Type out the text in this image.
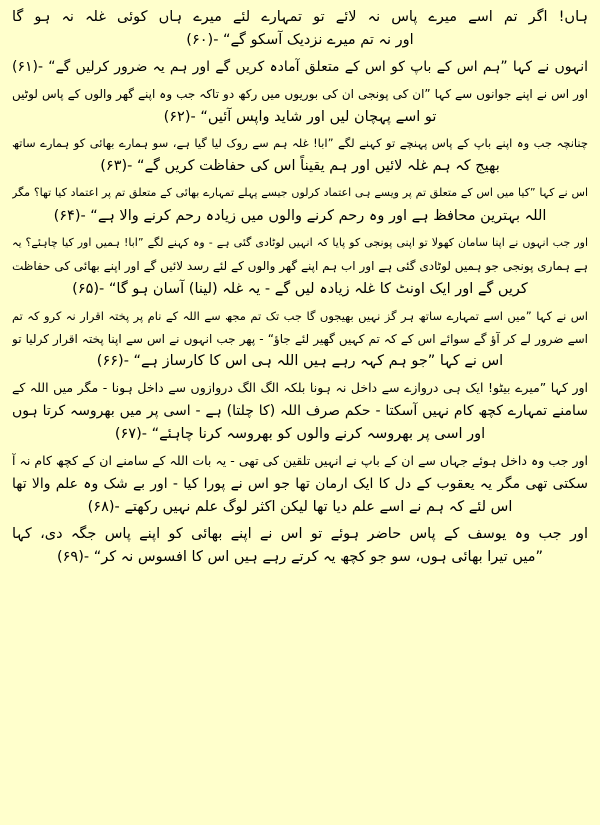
ہاں! اگر تم اسے میرے پاس نہ لائے تو تمہارے لئے میرے ہاں کوئی غلہ نہ ہو گا
اور نہ تم میرے نزدیک آسکو گے“ -(۶۰)
انہوں نے کہا ”ہم اس کے باپ کو اس کے متعلق آمادہ کریں گے اور ہم یہ ضرور کرلیں گے“ -(۶۱)
اور اس نے اپنے جوانوں سے کہا ”ان کی پونجی ان کی بوریوں میں رکھ دو تاکہ جب وہ اپنے گھر والوں کے پاس لوٹیں
تو اسے پہچان لیں اور شاید واپس آئیں“ -(۶۲)
چنانچہ جب وہ اپنے باپ کے پاس پہنچے تو کہنے لگے ”ابا! غلہ ہم سے روک لیا گیا ہے، سو ہمارے بھائی کو ہمارے ساتھ
بھیج کہ ہم غلہ لائیں اور ہم یقیناً اس کی حفاظت کریں گے“ -(۶۳)
اس نے کہا ”کیا میں اس کے متعلق تم پر ویسے ہی اعتماد کرلوں جیسے پہلے تمہارے بھائی کے متعلق تم پر اعتماد کیا تھا؟ مگر
اللہ بہترین محافظ ہے اور وہ رحم کرنے والوں میں زیادہ رحم کرنے والا ہے“ -(۶۴)
اور جب انہوں نے اپنا سامان کھولا تو اپنی پونجی کو پایا کہ انہیں لوٹادی گئی ہے - وہ کہنے لگے ”ابا! ہمیں اور کیا چاہئے؟ یہ
ہے ہماری پونجی جو ہمیں لوٹادی گئی ہے اور اب ہم اپنے گھر والوں کے لئے رسد لائیں گے اور اپنے بھائی کی حفاظت
کریں گے اور ایک اونٹ کا غلہ زیادہ لیں گے - یہ غلہ (لینا) آسان ہو گا“ -(۶۵)
اس نے کہا ”میں اسے تمہارے ساتھ ہر گز نہیں بھیجوں گا جب تک تم مجھ سے اللہ کے نام پر پختہ اقرار نہ کرو کہ تم
اسے ضرور لے کر آؤ گے سوائے اس کے کہ تم کہیں گھیر لئے جاؤ“ - پھر جب انہوں نے اس سے اپنا پختہ اقرار کرلیا تو
اس نے کہا ”جو ہم کہہ رہے ہیں اللہ ہی اس کا کارساز ہے“ -(۶۶)
اور کہا ”میرے بیٹو! ایک ہی دروازے سے داخل نہ ہونا بلکہ الگ الگ دروازوں سے داخل ہونا - مگر میں اللہ کے
سامنے تمہارے کچھ کام نہیں آسکتا - حکم صرف اللہ (کا چلتا) ہے - اسی پر میں بھروسہ کرتا ہوں
اور اسی پر بھروسہ کرنے والوں کو بھروسہ کرنا چاہئے“ -(۶۷)
اور جب وہ داخل ہوئے جہاں سے ان کے باپ نے انہیں تلقین کی تھی - یہ بات اللہ کے سامنے ان کے کچھ کام نہ آ
سکتی تھی مگر یہ یعقوب کے دل کا ایک ارمان تھا جو اس نے پورا کیا - اور بے شک وہ علم والا تھا
اس لئے کہ ہم نے اسے علم دیا تھا لیکن اکثر لوگ علم نہیں رکھتے -(۶۸)
اور جب وہ یوسف کے پاس حاضر ہوئے تو اس نے اپنے بھائی کو اپنے پاس جگہ دی، کہا
”میں تیرا بھائی ہوں، سو جو کچھ یہ کرتے رہے ہیں اس کا افسوس نہ کر“ -(۶۹)
